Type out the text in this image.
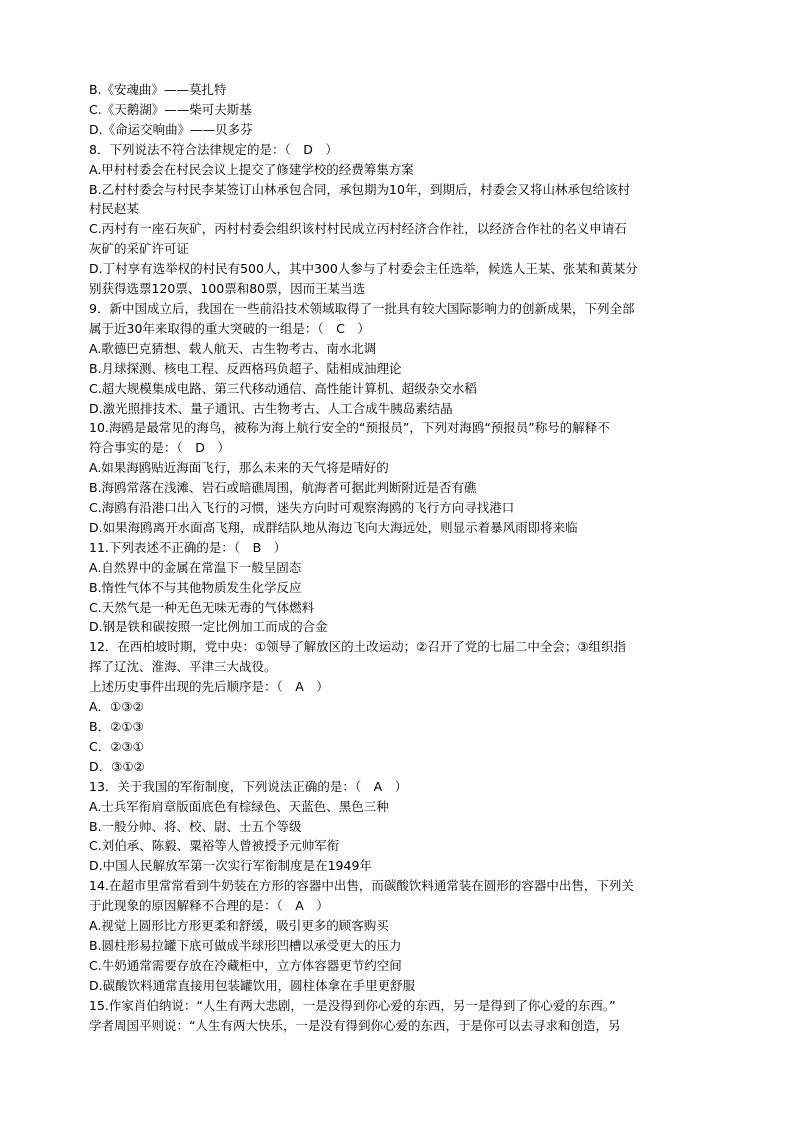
B.《安魂曲》——莫扎特
C.《天鹅湖》——柴可夫斯基
D.《命运交响曲》——贝多芬
8．下列说法不符合法律规定的是：（　D　）
A.甲村村委会在村民会议上提交了修建学校的经费筹集方案
B.乙村村委会与村民李某签订山林承包合同，承包期为10年，到期后，村委会又将山林承包给该村
村民赵某
C.丙村有一座石灰矿，丙村村委会组织该村村民成立丙村经济合作社，以经济合作社的名义申请石
灰矿的采矿许可证
D.丁村享有选举权的村民有500人，其中300人参与了村委会主任选举，候选人王某、张某和黄某分
别获得选票120票、100票和80票，因而王某当选
9．新中国成立后，我国在一些前沿技术领域取得了一批具有较大国际影响力的创新成果，下列全部
属于近30年来取得的重大突破的一组是：（　C　）
A.歌德巴克猜想、载人航天、古生物考古、南水北调
B.月球探测、核电工程、反西格玛负超子、陆相成油理论
C.超大规模集成电路、第三代移动通信、高性能计算机、超级杂交水稻
D.激光照排技术、量子通讯、古生物考古、人工合成牛胰岛素结晶
10.海鸥是最常见的海鸟，被称为海上航行安全的“预报员”，下列对海鸥“预报员”称号的解释不
符合事实的是：（　D　）
A.如果海鸥贴近海面飞行，那么未来的天气将是晴好的
B.海鸥常落在浅滩、岩石或暗礁周围，航海者可据此判断附近是否有礁
C.海鸥有沿港口出入飞行的习惯，迷失方向时可观察海鸥的飞行方向寻找港口
D.如果海鸥离开水面高飞翔，成群结队地从海边飞向大海远处，则显示着暴风雨即将来临
11.下列表述不正确的是：（　B　）
A.自然界中的金属在常温下一般呈固态
B.惰性气体不与其他物质发生化学反应
C.天然气是一种无色无味无毒的气体燃料
D.钢是铁和碳按照一定比例加工而成的合金
12．在西柏坡时期，党中央：①领导了解放区的土改运动；②召开了党的七届二中全会；③组织指
挥了辽沈、淮海、平津三大战役。
上述历史事件出现的先后顺序是：（　A　）
A．①③②
B．②①③
C．②③①
D．③①②
13．关于我国的军衔制度，下列说法正确的是：（　A　）
A.士兵军衔肩章版面底色有棕绿色、天蓝色、黑色三种
B.一般分帅、将、校、尉、士五个等级
C.刘伯承、陈毅、粟裕等人曾被授予元帅军衔
D.中国人民解放军第一次实行军衔制度是在1949年
14.在超市里常常看到牛奶装在方形的容器中出售，而碳酸饮料通常装在圆形的容器中出售，下列关
于此现象的原因解释不合理的是：（　A　）
A.视觉上圆形比方形更柔和舒缓，吸引更多的顾客购买
B.圆柱形易拉罐下底可做成半球形凹槽以承受更大的压力
C.牛奶通常需要存放在冷藏柜中，立方体容器更节约空间
D.碳酸饮料通常直接用包装罐饮用，圆柱体拿在手里更舒服
15.作家肖伯纳说：“人生有两大悲剧，一是没得到你心爱的东西，另一是得到了你心爱的东西。”
学者周国平则说：“人生有两大快乐，一是没有得到你心爱的东西，于是你可以去寻求和创造，另
